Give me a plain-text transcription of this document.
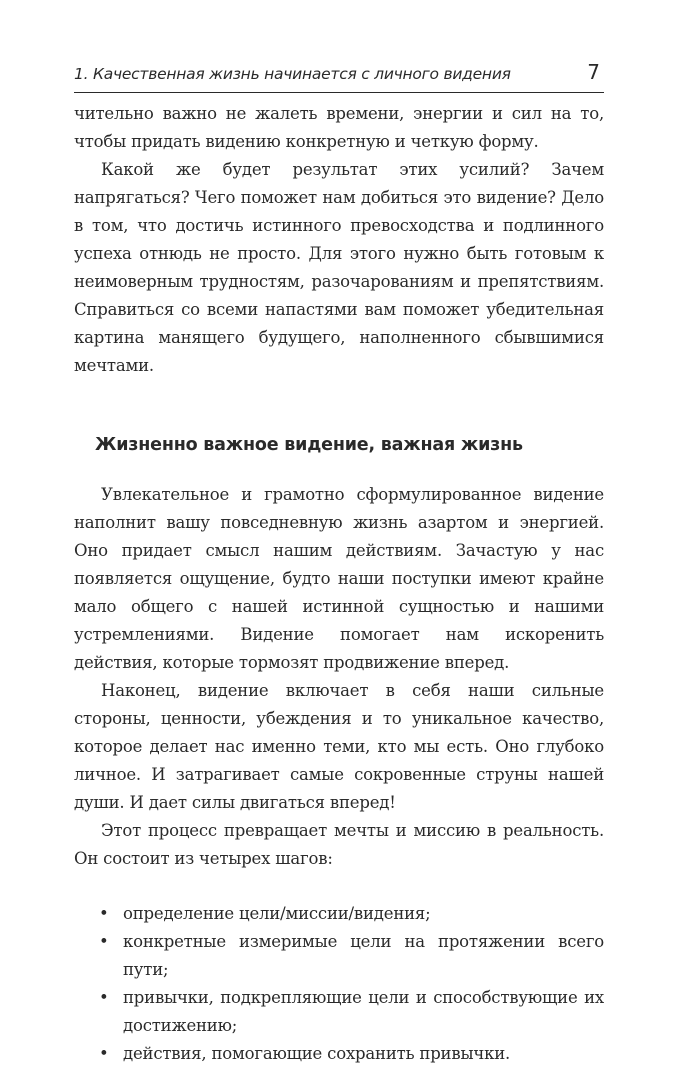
1. Качественная жизнь начинается с личного видения	7

чительно важно не жалеть времени, энергии и сил на то, чтобы придать видению конкретную и четкую форму.

Какой же будет результат этих усилий? Зачем напрягаться? Чего поможет нам добиться это видение? Дело в том, что достичь истинного превосходства и подлинного успеха отнюдь не просто. Для этого нужно быть готовым к неимоверным трудностям, разочарованиям и препятствиям. Справиться со всеми напастями вам поможет убедительная картина манящего будущего, наполненного сбывшимися мечтами.

Жизненно важное видение, важная жизнь

Увлекательное и грамотно сформулированное видение наполнит вашу повседневную жизнь азартом и энергией. Оно придает смысл нашим действиям. Зачастую у нас появляется ощущение, будто наши поступки имеют крайне мало общего с нашей истинной сущностью и нашими устремлениями. Видение помогает нам искоренить действия, которые тормозят продвижение вперед.

Наконец, видение включает в себя наши сильные стороны, ценности, убеждения и то уникальное качество, которое делает нас именно теми, кто мы есть. Оно глубоко личное. И затрагивает самые сокровенные струны нашей души. И дает силы двигаться вперед!

Этот процесс превращает мечты и миссию в реальность. Он состоит из четырех шагов:

• определение цели/миссии/видения;
• конкретные измеримые цели на протяжении всего пути;
• привычки, подкрепляющие цели и способствующие их достижению;
• действия, помогающие сохранить привычки.
